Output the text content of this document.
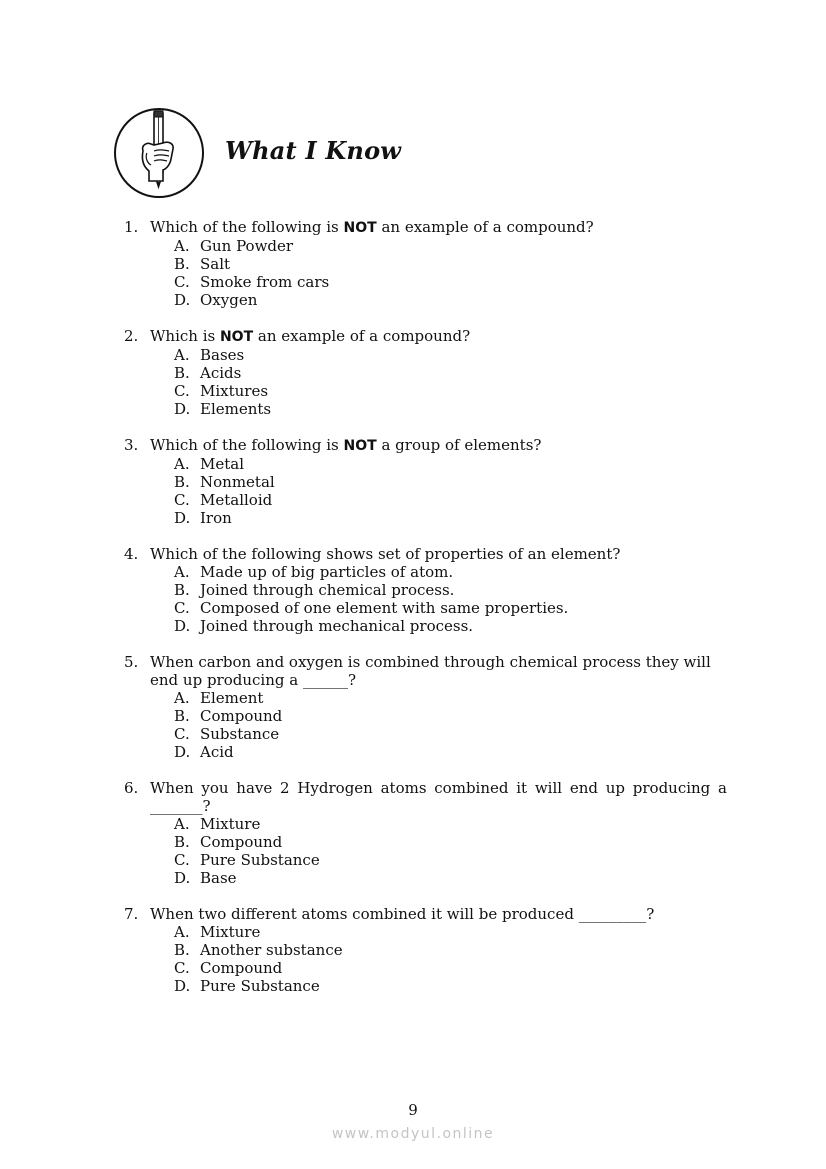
What I Know
1. Which of the following is NOT an example of a compound?
A. Gun Powder
B. Salt
C. Smoke from cars
D. Oxygen
2. Which is NOT an example of a compound?
A. Bases
B. Acids
C. Mixtures
D. Elements
3. Which of the following is NOT a group of elements?
A. Metal
B. Nonmetal
C. Metalloid
D. Iron
4. Which of the following shows set of properties of an element?
A. Made up of big particles of atom.
B. Joined through chemical process.
C. Composed of one element with same properties.
D. Joined through mechanical process.
5. When carbon and oxygen is combined through chemical process they will end up producing a ______?
A. Element
B. Compound
C. Substance
D. Acid
6. When you have 2 Hydrogen atoms combined it will end up producing a _______?
A. Mixture
B. Compound
C. Pure Substance
D. Base
7. When two different atoms combined it will be produced _________?
A. Mixture
B. Another substance
C. Compound
D. Pure Substance
9
www.modyul.online
